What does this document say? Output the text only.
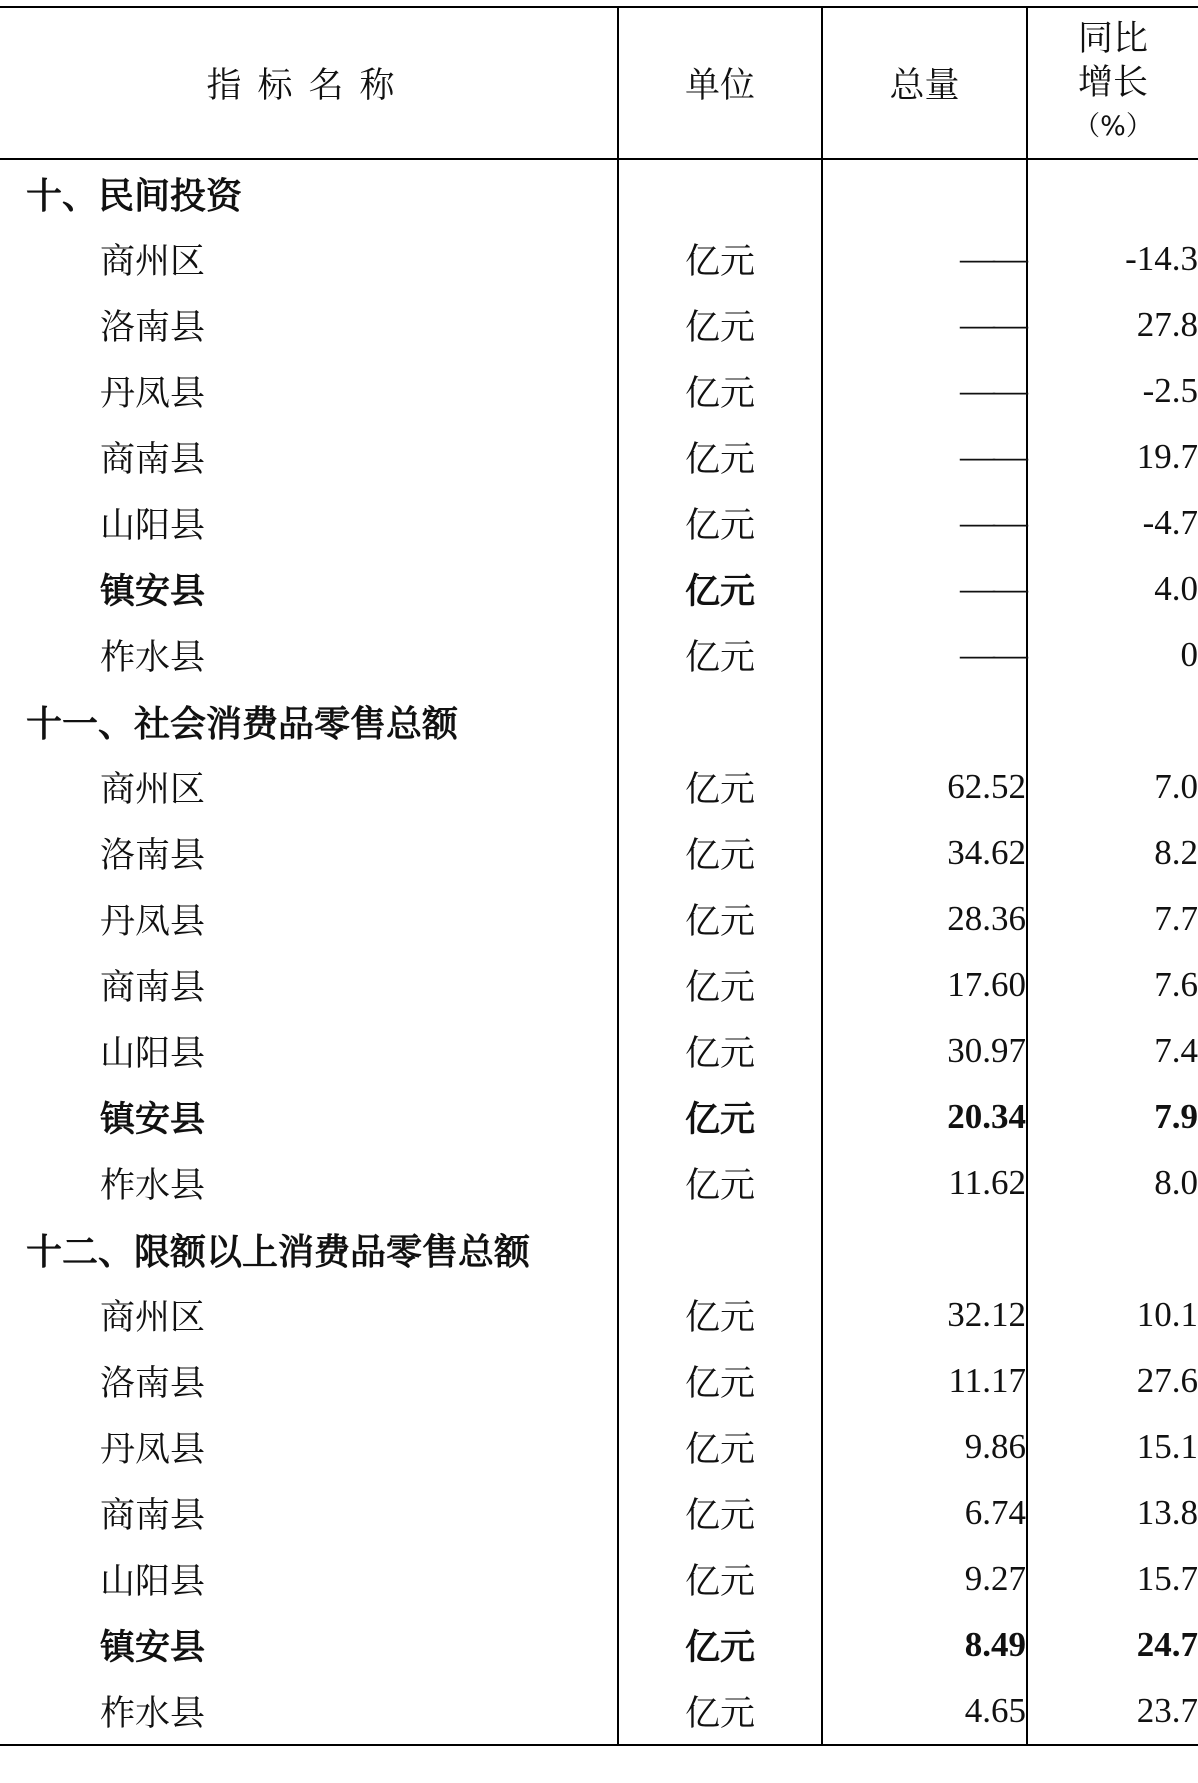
指标名称	单位	总量	同比
增长
（%）

十、民间投资			
商州区	亿元	——	-14.3
洛南县	亿元	——	27.8
丹凤县	亿元	——	-2.5
商南县	亿元	——	19.7
山阳县	亿元	——	-4.7
镇安县	亿元	——	4.0
柞水县	亿元	——	0
十一、社会消费品零售总额			
商州区	亿元	62.52	7.0
洛南县	亿元	34.62	8.2
丹凤县	亿元	28.36	7.7
商南县	亿元	17.60	7.6
山阳县	亿元	30.97	7.4
镇安县	亿元	20.34	7.9
柞水县	亿元	11.62	8.0
十二、限额以上消费品零售总额			
商州区	亿元	32.12	10.1
洛南县	亿元	11.17	27.6
丹凤县	亿元	9.86	15.1
商南县	亿元	6.74	13.8
山阳县	亿元	9.27	15.7
镇安县	亿元	8.49	24.7
柞水县	亿元	4.65	23.7
